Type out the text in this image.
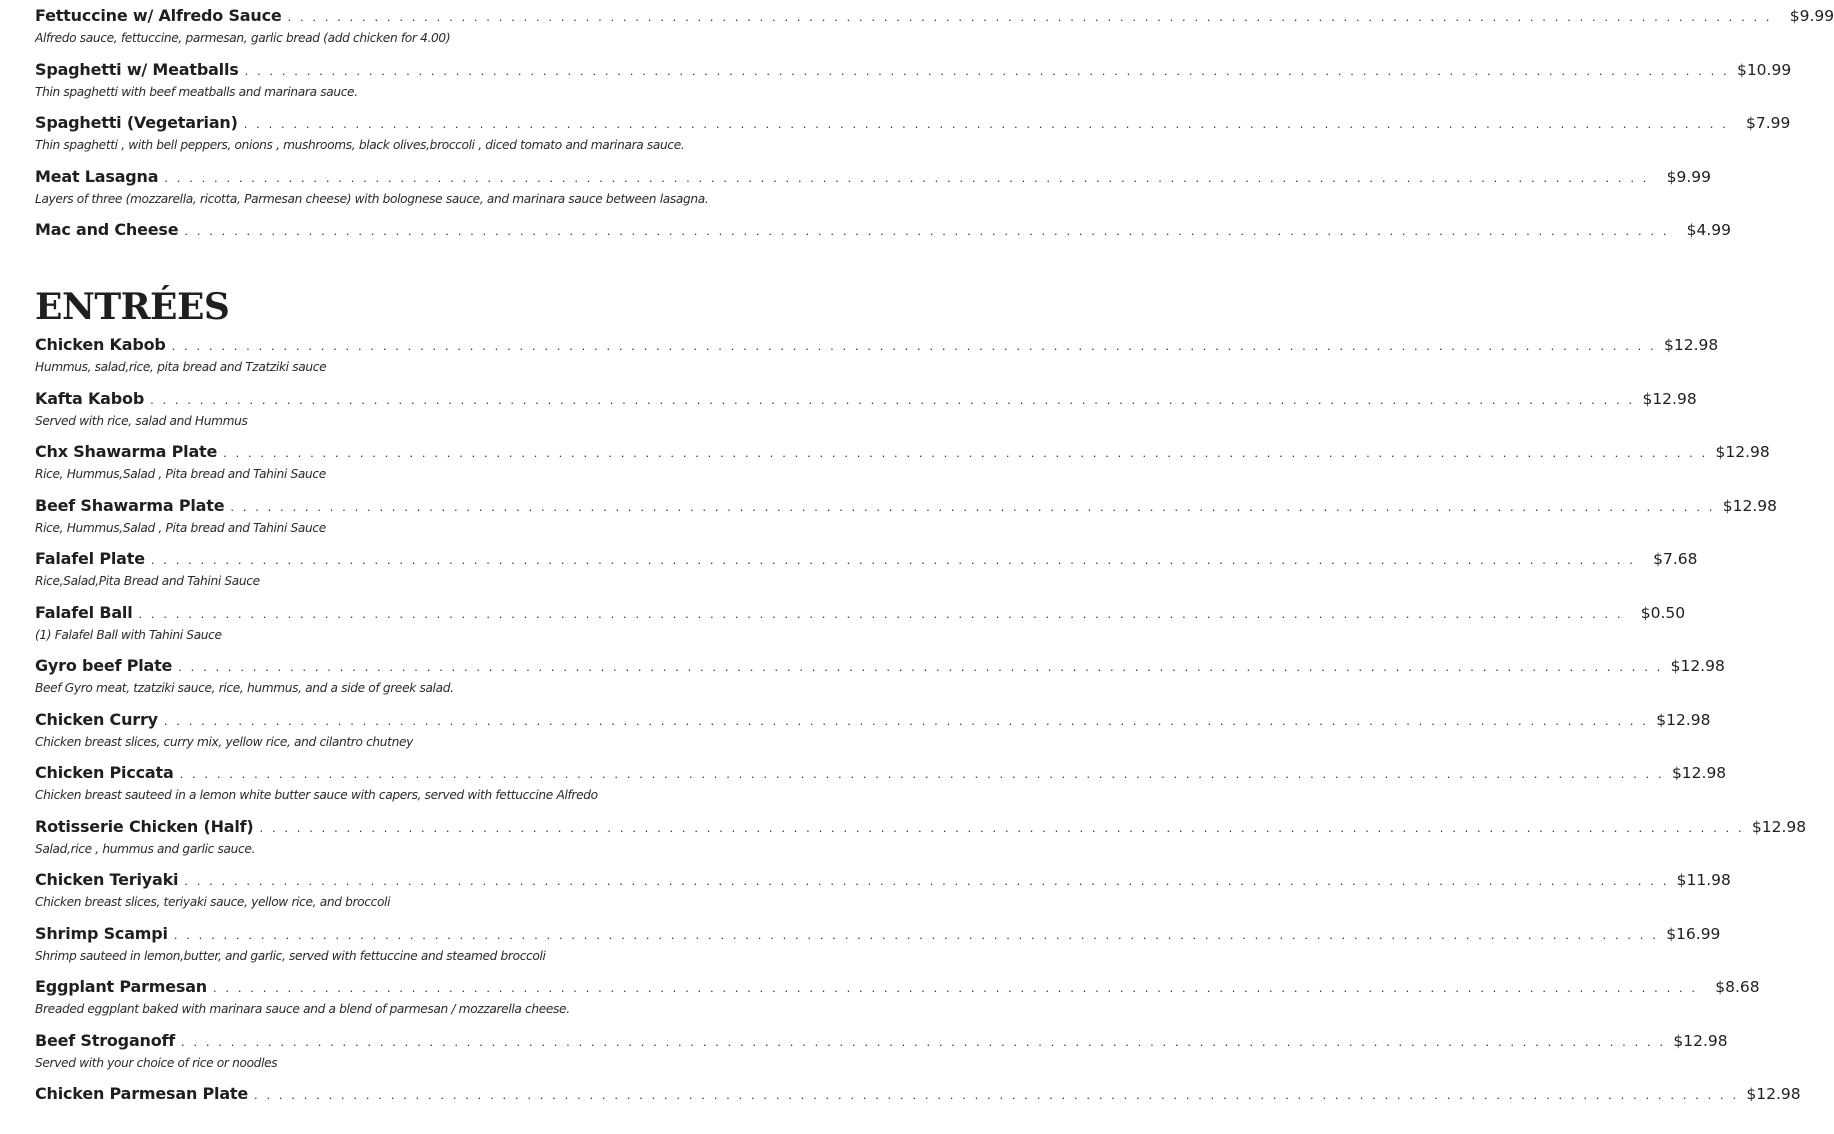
Fettuccine w/ Alfredo Sauce . . . . . . . . . . . . . . . . . . . . . . . . . . . . . . . . . . . . . . . . . . . . . . . . . . . . . . . . . . . . . . . . . . . . . . . . . . . . . . . . . . . . . . . . . . . . . . . . . . . . . . . . . . . . . . . . . . . . . . . .	$9.99
Alfredo sauce, fettuccine, parmesan, garlic bread (add chicken for 4.00)
Spaghetti w/ Meatballs . . . . . . . . . . . . . . . . . . . . . . . . . . . . . . . . . . . . . . . . . . . . . . . . . . . . . . . . . . . . . . . . . . . . . . . . . . . . . . . . . . . . . . . . . . . . . . . . . . . . . . . . . . . . . . . . . . . . . . . . $10.99
Thin spaghetti with beef meatballs and marinara sauce.
Spaghetti (Vegetarian) . . . . . . . . . . . . . . . . . . . . . . . . . . . . . . . . . . . . . . . . . . . . . . . . . . . . . . . . . . . . . . . . . . . . . . . . . . . . . . . . . . . . . . . . . . . . . . . . . . . . . . . . . . . . . . . . . . . . . . . .	$7.99
Thin spaghetti , with bell peppers, onions , mushrooms, black olives,broccoli , diced tomato and marinara sauce.
Meat Lasagna . . . . . . . . . . . . . . . . . . . . . . . . . . . . . . . . . . . . . . . . . . . . . . . . . . . . . . . . . . . . . . . . . . . . . . . . . . . . . . . . . . . . . . . . . . . . . . . . . . . . . . . . . . . . . . . . . . . . . . . .	$9.99
Layers of three (mozzarella, ricotta, Parmesan cheese) with bolognese sauce, and marinara sauce between lasagna.
Mac and Cheese . . . . . . . . . . . . . . . . . . . . . . . . . . . . . . . . . . . . . . . . . . . . . . . . . . . . . . . . . . . . . . . . . . . . . . . . . . . . . . . . . . . . . . . . . . . . . . . . . . . . . . . . . . . . . . . . . . . . . . . .	$4.99
ENTRÉES
Chicken Kabob . . . . . . . . . . . . . . . . . . . . . . . . . . . . . . . . . . . . . . . . . . . . . . . . . . . . . . . . . . . . . . . . . . . . . . . . . . . . . . . . . . . . . . . . . . . . . . . . . . . . . . . . . . . . . . . . . . . . . . . . $12.98
Hummus, salad,rice, pita bread and Tzatziki sauce
Kafta Kabob . . . . . . . . . . . . . . . . . . . . . . . . . . . . . . . . . . . . . . . . . . . . . . . . . . . . . . . . . . . . . . . . . . . . . . . . . . . . . . . . . . . . . . . . . . . . . . . . . . . . . . . . . . . . . . . . . . . . . . . . $12.98
Served with rice, salad and Hummus
Chx Shawarma Plate . . . . . . . . . . . . . . . . . . . . . . . . . . . . . . . . . . . . . . . . . . . . . . . . . . . . . . . . . . . . . . . . . . . . . . . . . . . . . . . . . . . . . . . . . . . . . . . . . . . . . . . . . . . . . . . . . . . . . . . . $12.98
Rice, Hummus,Salad , Pita bread and Tahini Sauce
Beef Shawarma Plate . . . . . . . . . . . . . . . . . . . . . . . . . . . . . . . . . . . . . . . . . . . . . . . . . . . . . . . . . . . . . . . . . . . . . . . . . . . . . . . . . . . . . . . . . . . . . . . . . . . . . . . . . . . . . . . . . . . . . . . . $12.98
Rice, Hummus,Salad , Pita bread and Tahini Sauce
Falafel Plate . . . . . . . . . . . . . . . . . . . . . . . . . . . . . . . . . . . . . . . . . . . . . . . . . . . . . . . . . . . . . . . . . . . . . . . . . . . . . . . . . . . . . . . . . . . . . . . . . . . . . . . . . . . . . . . . . . . . . . . .	$7.68
Rice,Salad,Pita Bread and Tahini Sauce
Falafel Ball . . . . . . . . . . . . . . . . . . . . . . . . . . . . . . . . . . . . . . . . . . . . . . . . . . . . . . . . . . . . . . . . . . . . . . . . . . . . . . . . . . . . . . . . . . . . . . . . . . . . . . . . . . . . . . . . . . . . . . . .	$0.50
(1) Falafel Ball with Tahini Sauce
Gyro beef Plate . . . . . . . . . . . . . . . . . . . . . . . . . . . . . . . . . . . . . . . . . . . . . . . . . . . . . . . . . . . . . . . . . . . . . . . . . . . . . . . . . . . . . . . . . . . . . . . . . . . . . . . . . . . . . . . . . . . . . . . . $12.98
Beef Gyro meat, tzatziki sauce, rice, hummus, and a side of greek salad.
Chicken Curry . . . . . . . . . . . . . . . . . . . . . . . . . . . . . . . . . . . . . . . . . . . . . . . . . . . . . . . . . . . . . . . . . . . . . . . . . . . . . . . . . . . . . . . . . . . . . . . . . . . . . . . . . . . . . . . . . . . . . . . . $12.98
Chicken breast slices, curry mix, yellow rice, and cilantro chutney
Chicken Piccata . . . . . . . . . . . . . . . . . . . . . . . . . . . . . . . . . . . . . . . . . . . . . . . . . . . . . . . . . . . . . . . . . . . . . . . . . . . . . . . . . . . . . . . . . . . . . . . . . . . . . . . . . . . . . . . . . . . . . . . . $12.98
Chicken breast sauteed in a lemon white butter sauce with capers, served with fettuccine Alfredo
Rotisserie Chicken (Half) . . . . . . . . . . . . . . . . . . . . . . . . . . . . . . . . . . . . . . . . . . . . . . . . . . . . . . . . . . . . . . . . . . . . . . . . . . . . . . . . . . . . . . . . . . . . . . . . . . . . . . . . . . . . . . . . . . . . . . . . $12.98
Salad,rice , hummus and garlic sauce.
Chicken Teriyaki . . . . . . . . . . . . . . . . . . . . . . . . . . . . . . . . . . . . . . . . . . . . . . . . . . . . . . . . . . . . . . . . . . . . . . . . . . . . . . . . . . . . . . . . . . . . . . . . . . . . . . . . . . . . . . . . . . . . . . . . $11.98
Chicken breast slices, teriyaki sauce, yellow rice, and broccoli
Shrimp Scampi . . . . . . . . . . . . . . . . . . . . . . . . . . . . . . . . . . . . . . . . . . . . . . . . . . . . . . . . . . . . . . . . . . . . . . . . . . . . . . . . . . . . . . . . . . . . . . . . . . . . . . . . . . . . . . . . . . . . . . . . $16.99
Shrimp sauteed in lemon,butter, and garlic, served with fettuccine and steamed broccoli
Eggplant Parmesan . . . . . . . . . . . . . . . . . . . . . . . . . . . . . . . . . . . . . . . . . . . . . . . . . . . . . . . . . . . . . . . . . . . . . . . . . . . . . . . . . . . . . . . . . . . . . . . . . . . . . . . . . . . . . . . . . . . . . . . .	$8.68
Breaded eggplant baked with marinara sauce and a blend of parmesan / mozzarella cheese.
Beef Stroganoff . . . . . . . . . . . . . . . . . . . . . . . . . . . . . . . . . . . . . . . . . . . . . . . . . . . . . . . . . . . . . . . . . . . . . . . . . . . . . . . . . . . . . . . . . . . . . . . . . . . . . . . . . . . . . . . . . . . . . . . . $12.98
Served with your choice of rice or noodles
Chicken Parmesan Plate . . . . . . . . . . . . . . . . . . . . . . . . . . . . . . . . . . . . . . . . . . . . . . . . . . . . . . . . . . . . . . . . . . . . . . . . . . . . . . . . . . . . . . . . . . . . . . . . . . . . . . . . . . . . . . . . . . . . . . . . $12.98
